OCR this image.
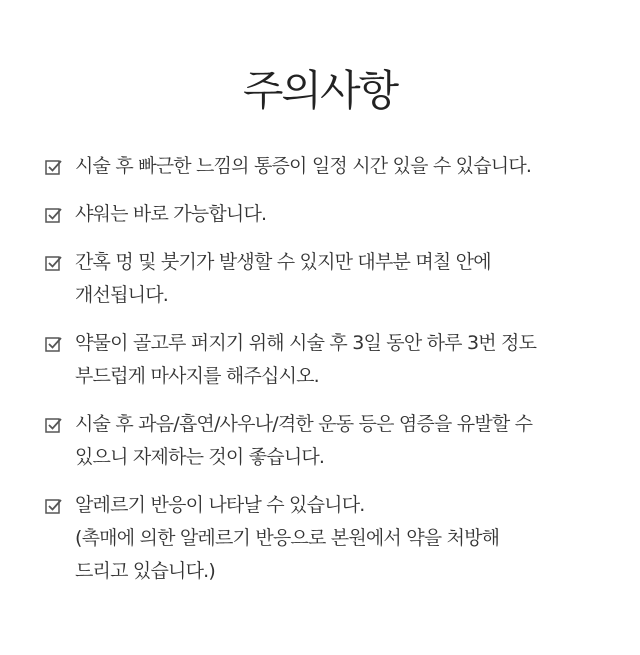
주의사항
시술 후 빠근한 느낌의 통증이 일정 시간 있을 수 있습니다.
샤워는 바로 가능합니다.
간혹 멍 및 붓기가 발생할 수 있지만 대부분 며칠 안에
개선됩니다.
약물이 골고루 퍼지기 위해 시술 후 3일 동안 하루 3번 정도
부드럽게 마사지를 해주십시오.
시술 후 과음/흡연/사우나/격한 운동 등은 염증을 유발할 수
있으니 자제하는 것이 좋습니다.
알레르기 반응이 나타날 수 있습니다.
(촉매에 의한 알레르기 반응으로 본원에서 약을 처방해
드리고 있습니다.)
